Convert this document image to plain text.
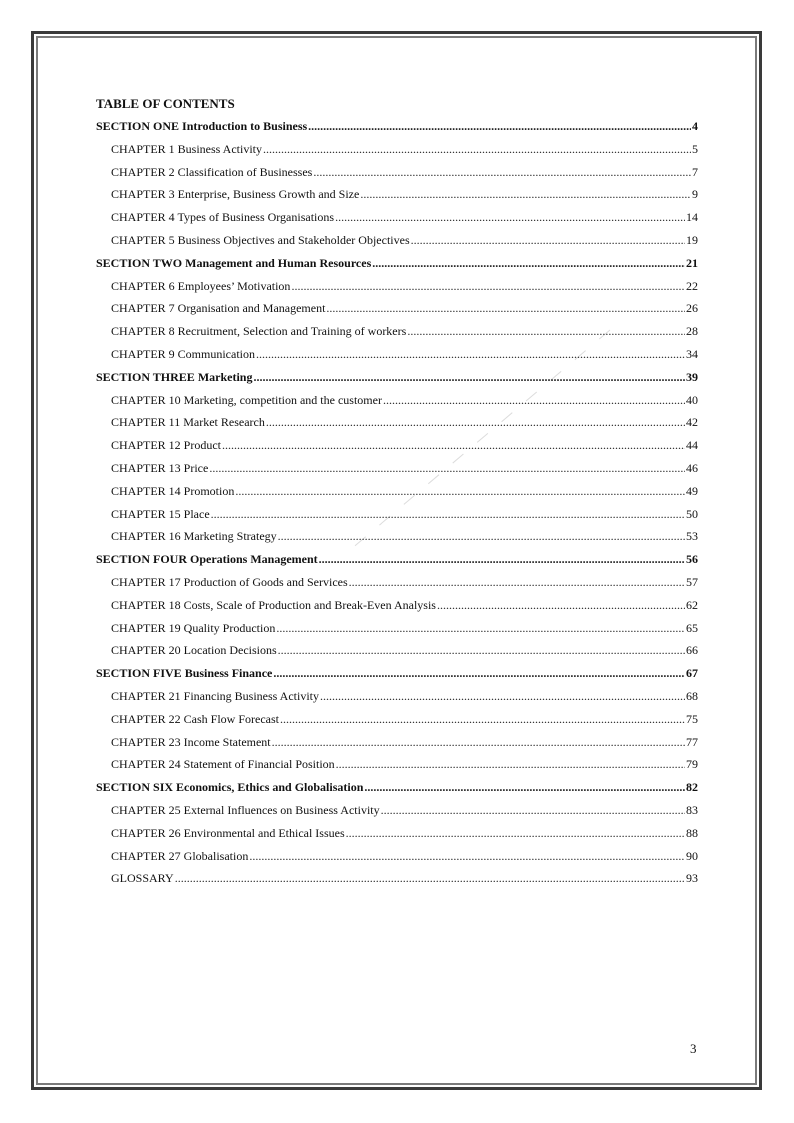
TABLE OF CONTENTS
SECTION ONE Introduction to Business .....	4
CHAPTER 1 Business Activity .....	5
CHAPTER 2 Classification of Businesses .....	7
CHAPTER 3 Enterprise, Business Growth and Size .....	9
CHAPTER 4 Types of Business Organisations .....	14
CHAPTER 5 Business Objectives and Stakeholder Objectives .....	19
SECTION TWO Management and Human Resources .....	21
CHAPTER 6 Employees’ Motivation .....	22
CHAPTER 7 Organisation and Management .....	26
CHAPTER 8 Recruitment, Selection and Training of workers .....	28
CHAPTER 9 Communication .....	34
SECTION THREE Marketing .....	39
CHAPTER 10 Marketing, competition and the customer .....	40
CHAPTER 11 Market Research .....	42
CHAPTER 12 Product .....	44
CHAPTER 13 Price .....	46
CHAPTER 14 Promotion .....	49
CHAPTER 15 Place .....	50
CHAPTER 16 Marketing Strategy .....	53
SECTION FOUR Operations Management .....	56
CHAPTER 17 Production of Goods and Services .....	57
CHAPTER 18 Costs, Scale of Production and Break-Even Analysis .....	62
CHAPTER 19 Quality Production .....	65
CHAPTER 20 Location Decisions .....	66
SECTION FIVE Business Finance .....	67
CHAPTER 21 Financing Business Activity .....	68
CHAPTER 22 Cash Flow Forecast .....	75
CHAPTER 23 Income Statement .....	77
CHAPTER 24 Statement of Financial Position .....	79
SECTION SIX Economics, Ethics and Globalisation .....	82
CHAPTER 25 External Influences on Business Activity .....	83
CHAPTER 26 Environmental and Ethical Issues .....	88
CHAPTER 27 Globalisation .....	90
GLOSSARY .....	93
3
